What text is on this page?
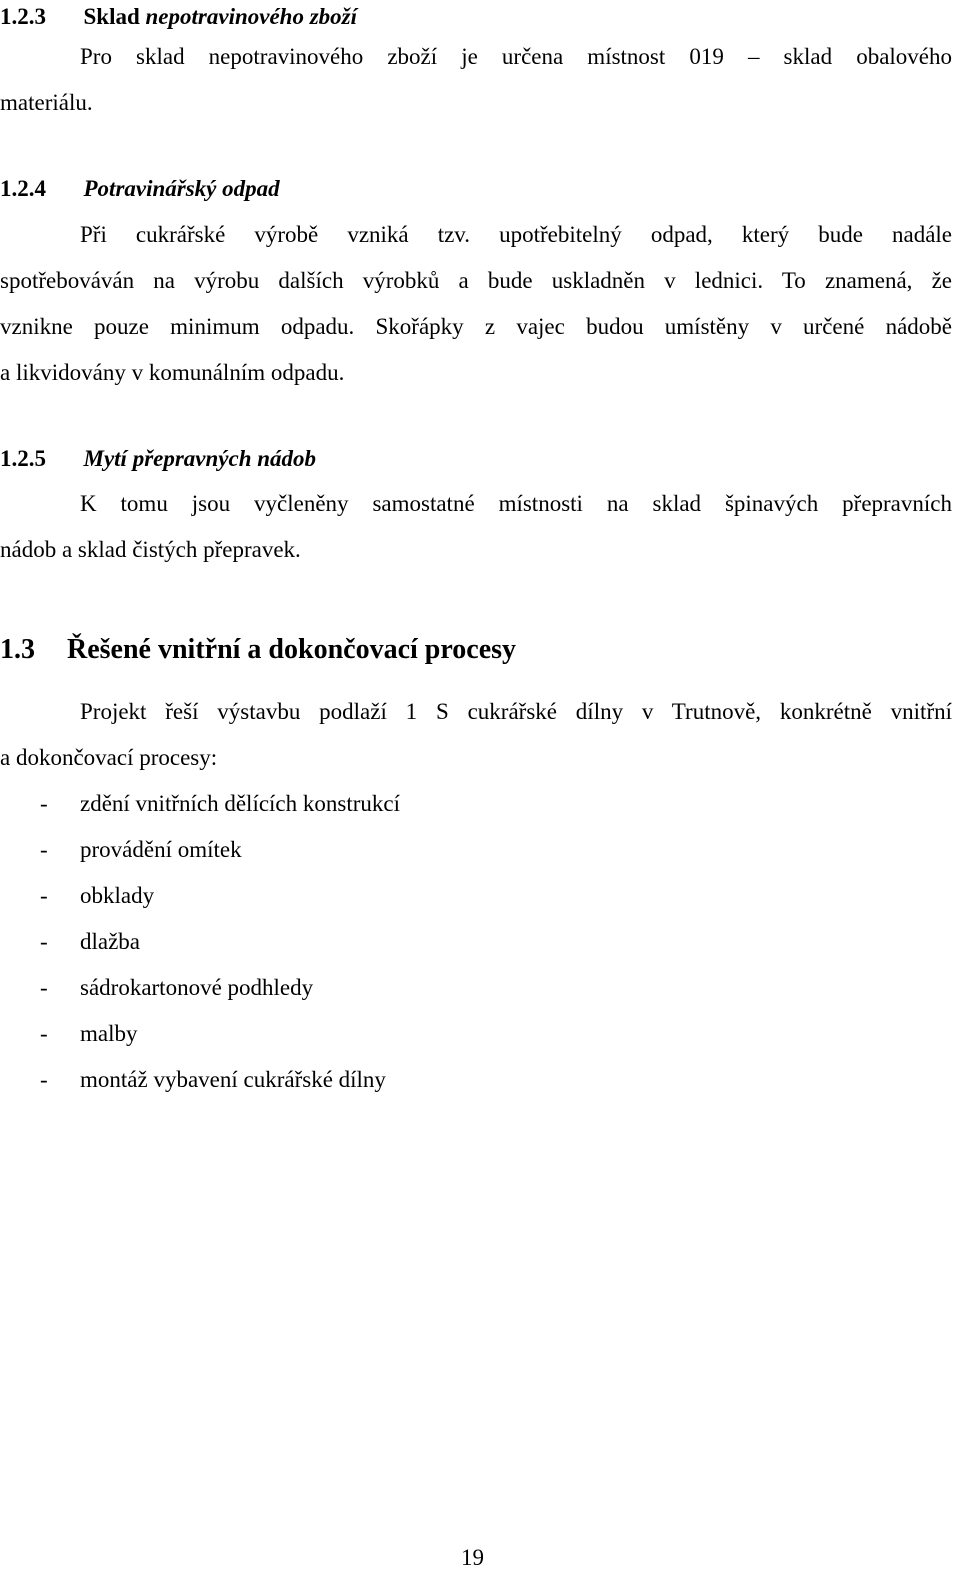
1.2.3 Sklad nepotravinového zboží
Pro sklad nepotravinového zboží je určena místnost 019 – sklad obalového
materiálu.
1.2.4 Potravinářský odpad
Při cukrářské výrobě vzniká tzv. upotřebitelný odpad, který bude nadále
spotřebováván na výrobu dalších výrobků a bude uskladněn v lednici. To znamená, že
vznikne pouze minimum odpadu. Skořápky z vajec budou umístěny v určené nádobě
a likvidovány v komunálním odpadu.
1.2.5 Mytí přepravných nádob
K tomu jsou vyčleněny samostatné místnosti na sklad špinavých přepravních
nádob a sklad čistých přepravek.
1.3 Řešené vnitřní a dokončovací procesy
Projekt řeší výstavbu podlaží 1 S cukrářské dílny v Trutnově, konkrétně vnitřní
a dokončovací procesy:
- zdění vnitřních dělících konstrukcí
- provádění omítek
- obklady
- dlažba
- sádrokartonové podhledy
- malby
- montáž vybavení cukrářské dílny
19
